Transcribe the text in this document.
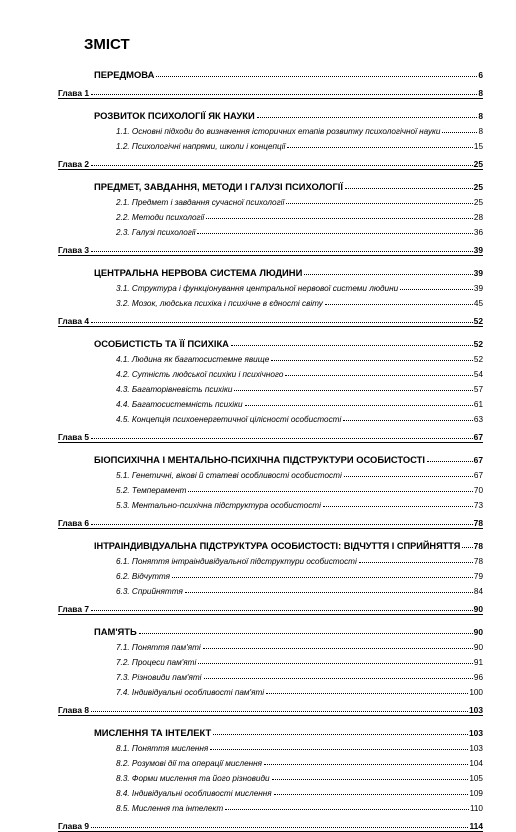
ЗМІСТ
ПЕРЕДМОВА	6
Глава 1	8
РОЗВИТОК ПСИХОЛОГІЇ ЯК НАУКИ	8
1.1. Основні підходи до визначення історичних етапів розвитку психологічної науки	8
1.2. Психологічні напрями, школи і концепції	15
Глава 2	25
ПРЕДМЕТ, ЗАВДАННЯ, МЕТОДИ І ГАЛУЗІ ПСИХОЛОГІЇ	25
2.1. Предмет і завдання сучасної психології	25
2.2. Методи психології	28
2.3. Галузі психології	36
Глава 3	39
ЦЕНТРАЛЬНА НЕРВОВА СИСТЕМА ЛЮДИНИ	39
3.1. Структура і функціонування центральної нервової системи людини	39
3.2. Мозок, людська психіка і психічне в єдності світу	45
Глава 4	52
ОСОБИСТІСТЬ ТА ЇЇ ПСИХІКА	52
4.1. Людина як багатосистемне явище	52
4.2. Сутність людської психіки і психічного	54
4.3. Багаторівневість психіки	57
4.4. Багатосистемність психіки	61
4.5. Концепція психоенергетичної цілісності особистості	63
Глава 5	67
БІОПСИХІЧНА І МЕНТАЛЬНО-ПСИХІЧНА ПІДСТРУКТУРИ ОСОБИСТОСТІ	67
5.1. Генетичні, вікові й статеві особливості особистості	67
5.2. Темперамент	70
5.3. Ментально-психічна підструктура особистості	73
Глава 6	78
ІНТРАІНДИВІДУАЛЬНА ПІДСТРУКТУРА ОСОБИСТОСТІ: ВІДЧУТТЯ І СПРИЙНЯТТЯ 78
6.1. Поняття інтраіндивідуальної підструктури особистості	78
6.2. Відчуття	79
6.3. Сприйняття	84
Глава 7	90
ПАМ'ЯТЬ	90
7.1. Поняття пам'яті	90
7.2. Процеси пам'яті	91
7.3. Різновиди пам'яті	96
7.4. Індивідуальні особливості пам'яті	100
Глава 8	103
МИСЛЕННЯ ТА ІНТЕЛЕКТ	103
8.1. Поняття мислення	103
8.2. Розумові дії та операції мислення	104
8.3. Форми мислення та його різновиди	105
8.4. Індивідуальні особливості мислення	109
8.5. Мислення та інтелект	110
Глава 9	114
